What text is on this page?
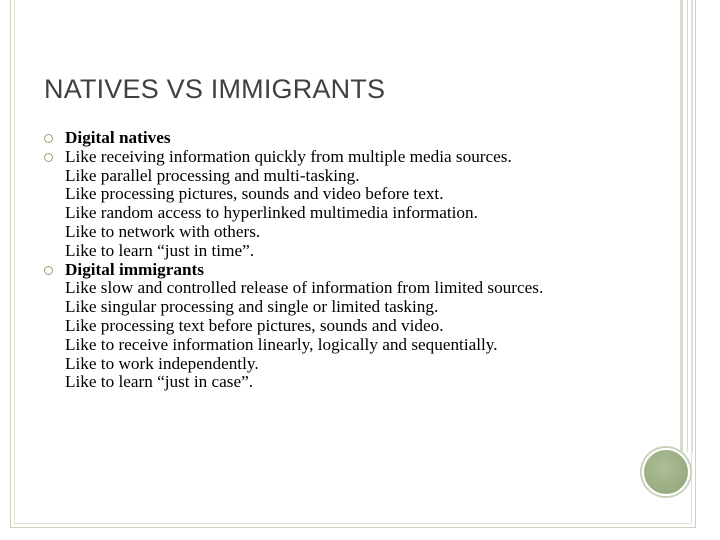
NATIVES VS IMMIGRANTS
Digital natives
Like receiving information quickly from multiple media sources.
Like parallel processing and multi-tasking.
Like processing pictures, sounds and video before text.
Like random access to hyperlinked multimedia information.
Like to network with others.
Like to learn “just in time”.
Digital immigrants
Like slow and controlled release of information from limited sources.
Like singular processing and single or limited tasking.
Like processing text before pictures, sounds and video.
Like to receive information linearly, logically and sequentially.
Like to work independently.
Like to learn “just in case”.
